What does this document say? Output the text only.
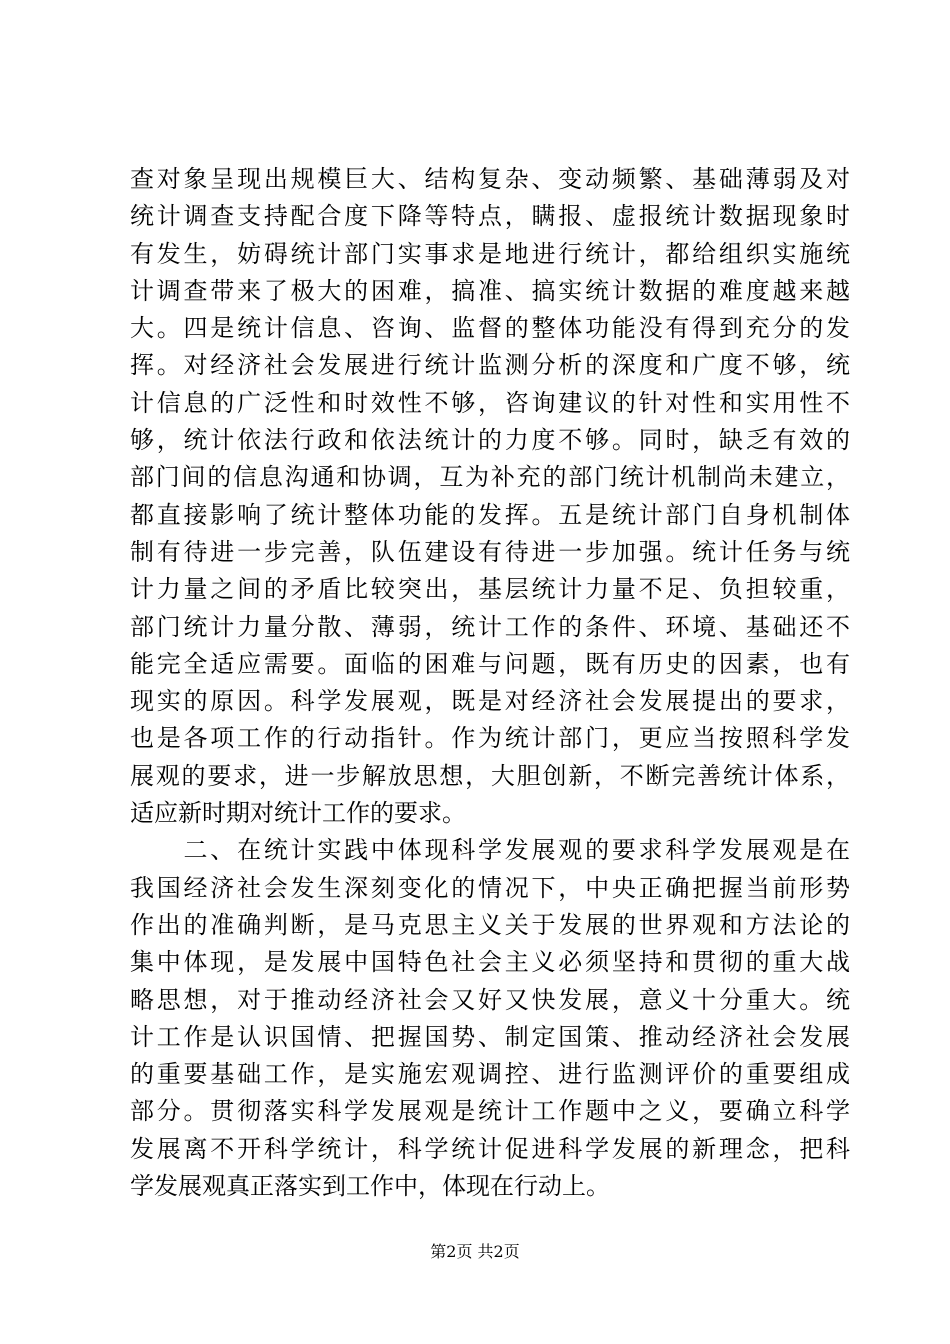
查对象呈现出规模巨大、结构复杂、变动频繁、基础薄弱及对
统计调查支持配合度下降等特点，瞒报、虚报统计数据现象时
有发生，妨碍统计部门实事求是地进行统计，都给组织实施统
计调查带来了极大的困难，搞准、搞实统计数据的难度越来越
大。四是统计信息、咨询、监督的整体功能没有得到充分的发
挥。对经济社会发展进行统计监测分析的深度和广度不够，统
计信息的广泛性和时效性不够，咨询建议的针对性和实用性不
够，统计依法行政和依法统计的力度不够。同时，缺乏有效的
部门间的信息沟通和协调，互为补充的部门统计机制尚未建立，
都直接影响了统计整体功能的发挥。五是统计部门自身机制体
制有待进一步完善，队伍建设有待进一步加强。统计任务与统
计力量之间的矛盾比较突出，基层统计力量不足、负担较重，
部门统计力量分散、薄弱，统计工作的条件、环境、基础还不
能完全适应需要。面临的困难与问题，既有历史的因素，也有
现实的原因。科学发展观，既是对经济社会发展提出的要求，
也是各项工作的行动指针。作为统计部门，更应当按照科学发
展观的要求，进一步解放思想，大胆创新，不断完善统计体系，
适应新时期对统计工作的要求。
　　二、在统计实践中体现科学发展观的要求科学发展观是在
我国经济社会发生深刻变化的情况下，中央正确把握当前形势
作出的准确判断，是马克思主义关于发展的世界观和方法论的
集中体现，是发展中国特色社会主义必须坚持和贯彻的重大战
略思想，对于推动经济社会又好又快发展，意义十分重大。统
计工作是认识国情、把握国势、制定国策、推动经济社会发展
的重要基础工作，是实施宏观调控、进行监测评价的重要组成
部分。贯彻落实科学发展观是统计工作题中之义，要确立科学
发展离不开科学统计，科学统计促进科学发展的新理念，把科
学发展观真正落实到工作中，体现在行动上。
第2页 共2页
